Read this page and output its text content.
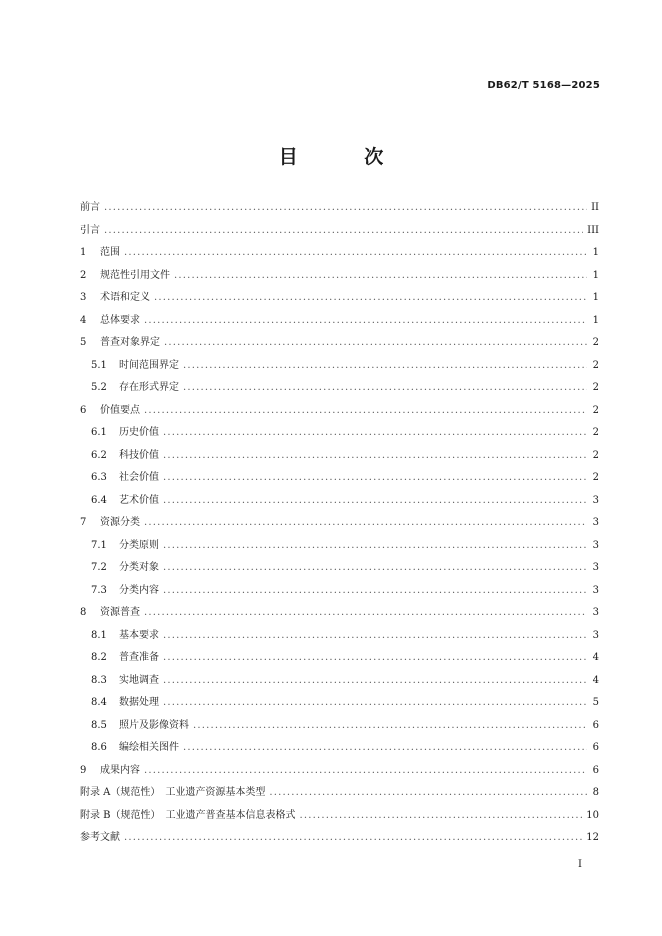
DB62/T 5168—2025
目 次
前言 .....	II
引言 .....	III
1	范围 .....	1
2	规范性引用文件 .....	1
3	术语和定义 .....	1
4	总体要求 .....	1
5	普查对象界定 .....	2
5.1	时间范围界定 .....	2
5.2	存在形式界定 .....	2
6	价值要点 .....	2
6.1	历史价值 .....	2
6.2	科技价值 .....	2
6.3	社会价值 .....	2
6.4	艺术价值 .....	3
7	资源分类 .....	3
7.1	分类原则 .....	3
7.2	分类对象 .....	3
7.3	分类内容 .....	3
8	资源普查 .....	3
8.1	基本要求 .....	3
8.2	普查准备 .....	4
8.3	实地调查 .....	4
8.4	数据处理 .....	5
8.5	照片及影像资料 .....	6
8.6	编绘相关图件 .....	6
9	成果内容 .....	6
附录 A（规范性）　工业遗产资源基本类型 .....	8
附录 B（规范性）　工业遗产普查基本信息表格式 .....	10
参考文献 .....	12
I
